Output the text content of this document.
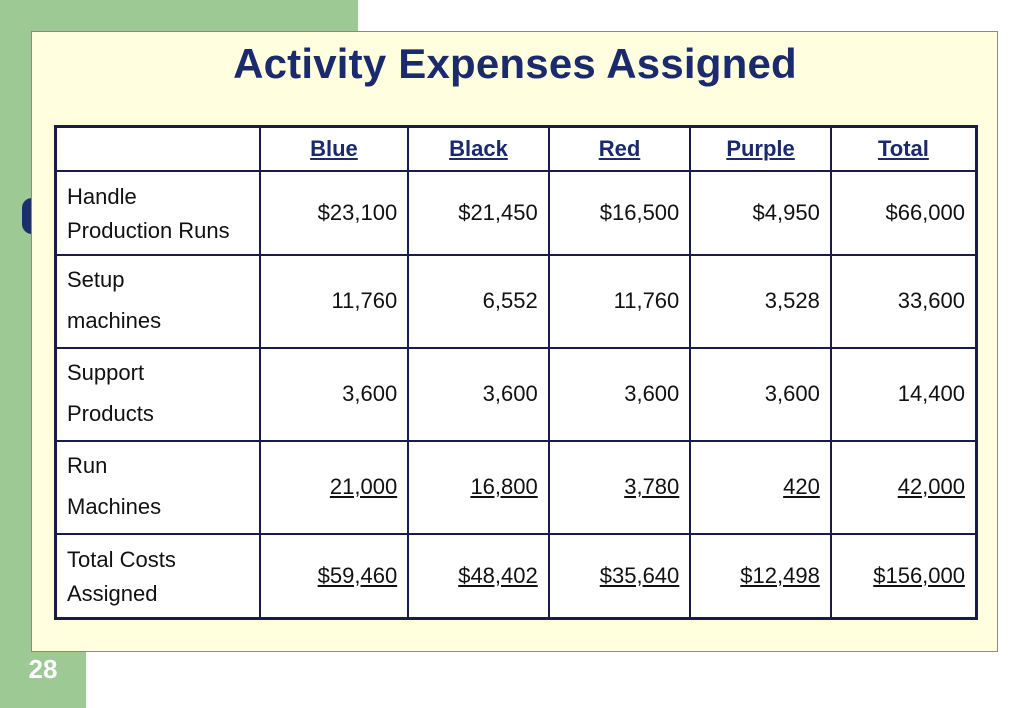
28
Activity Expenses Assigned
	Blue	Black	Red	Purple	Total

Handle
Production Runs	$23,100	$21,450	$16,500	$4,950	$66,000

Setup
machines	11,760	6,552	11,760	3,528	33,600

Support
Products	3,600	3,600	3,600	3,600	14,400

Run
Machines	21,000	16,800	3,780	420	42,000

Total Costs
Assigned	$59,460	$48,402	$35,640	$12,498	$156,000
